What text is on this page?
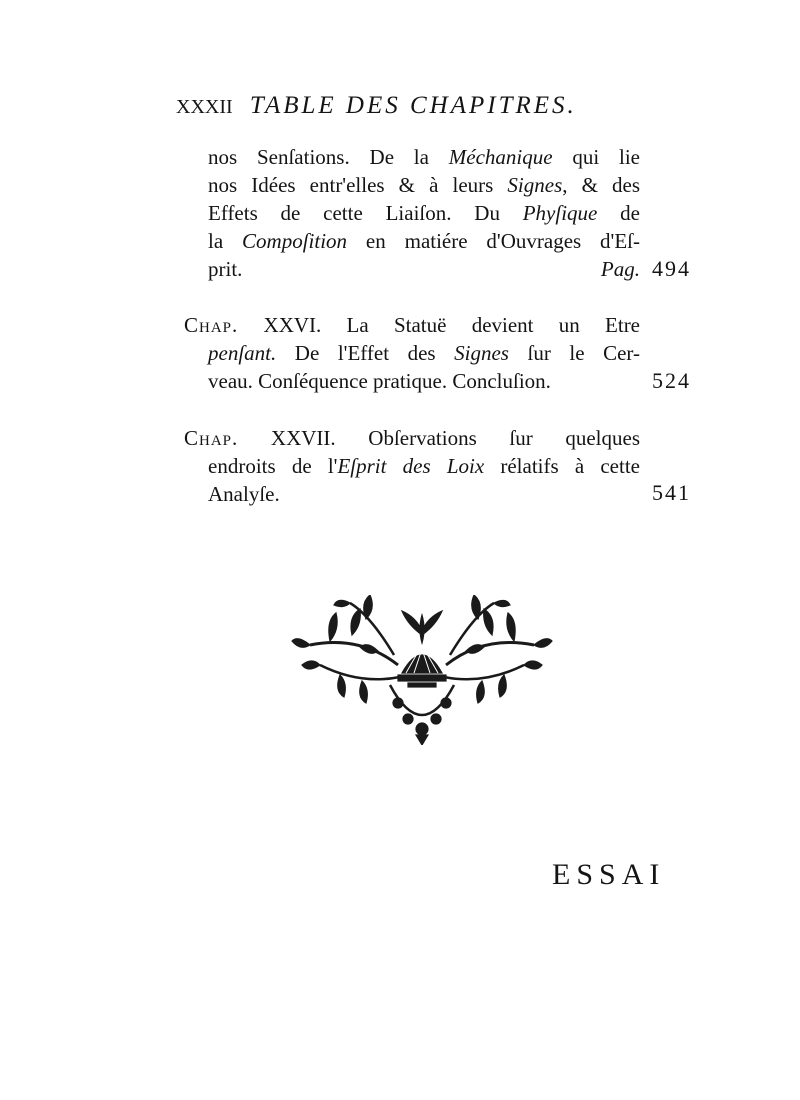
XXXII TABLE DES CHAPITRES.
nos Senſations. De la Méchanique qui lie
nos Idées entr'elles & à leurs Signes, & des
Effets de cette Liaiſon. Du Phyſique de
la Compoſition en matiére d'Ouvrages d'Eſ-
prit. Pag. 494
Chap. XXVI. La Statuë devient un Etre
penſant. De l'Effet des Signes ſur le Cer-
veau. Conſéquence pratique. Concluſion.	524
Chap. XXVII. Obſervations ſur quelques
endroits de l'Eſprit des Loix rélatifs à cette
Analyſe.	541
ESSAI
